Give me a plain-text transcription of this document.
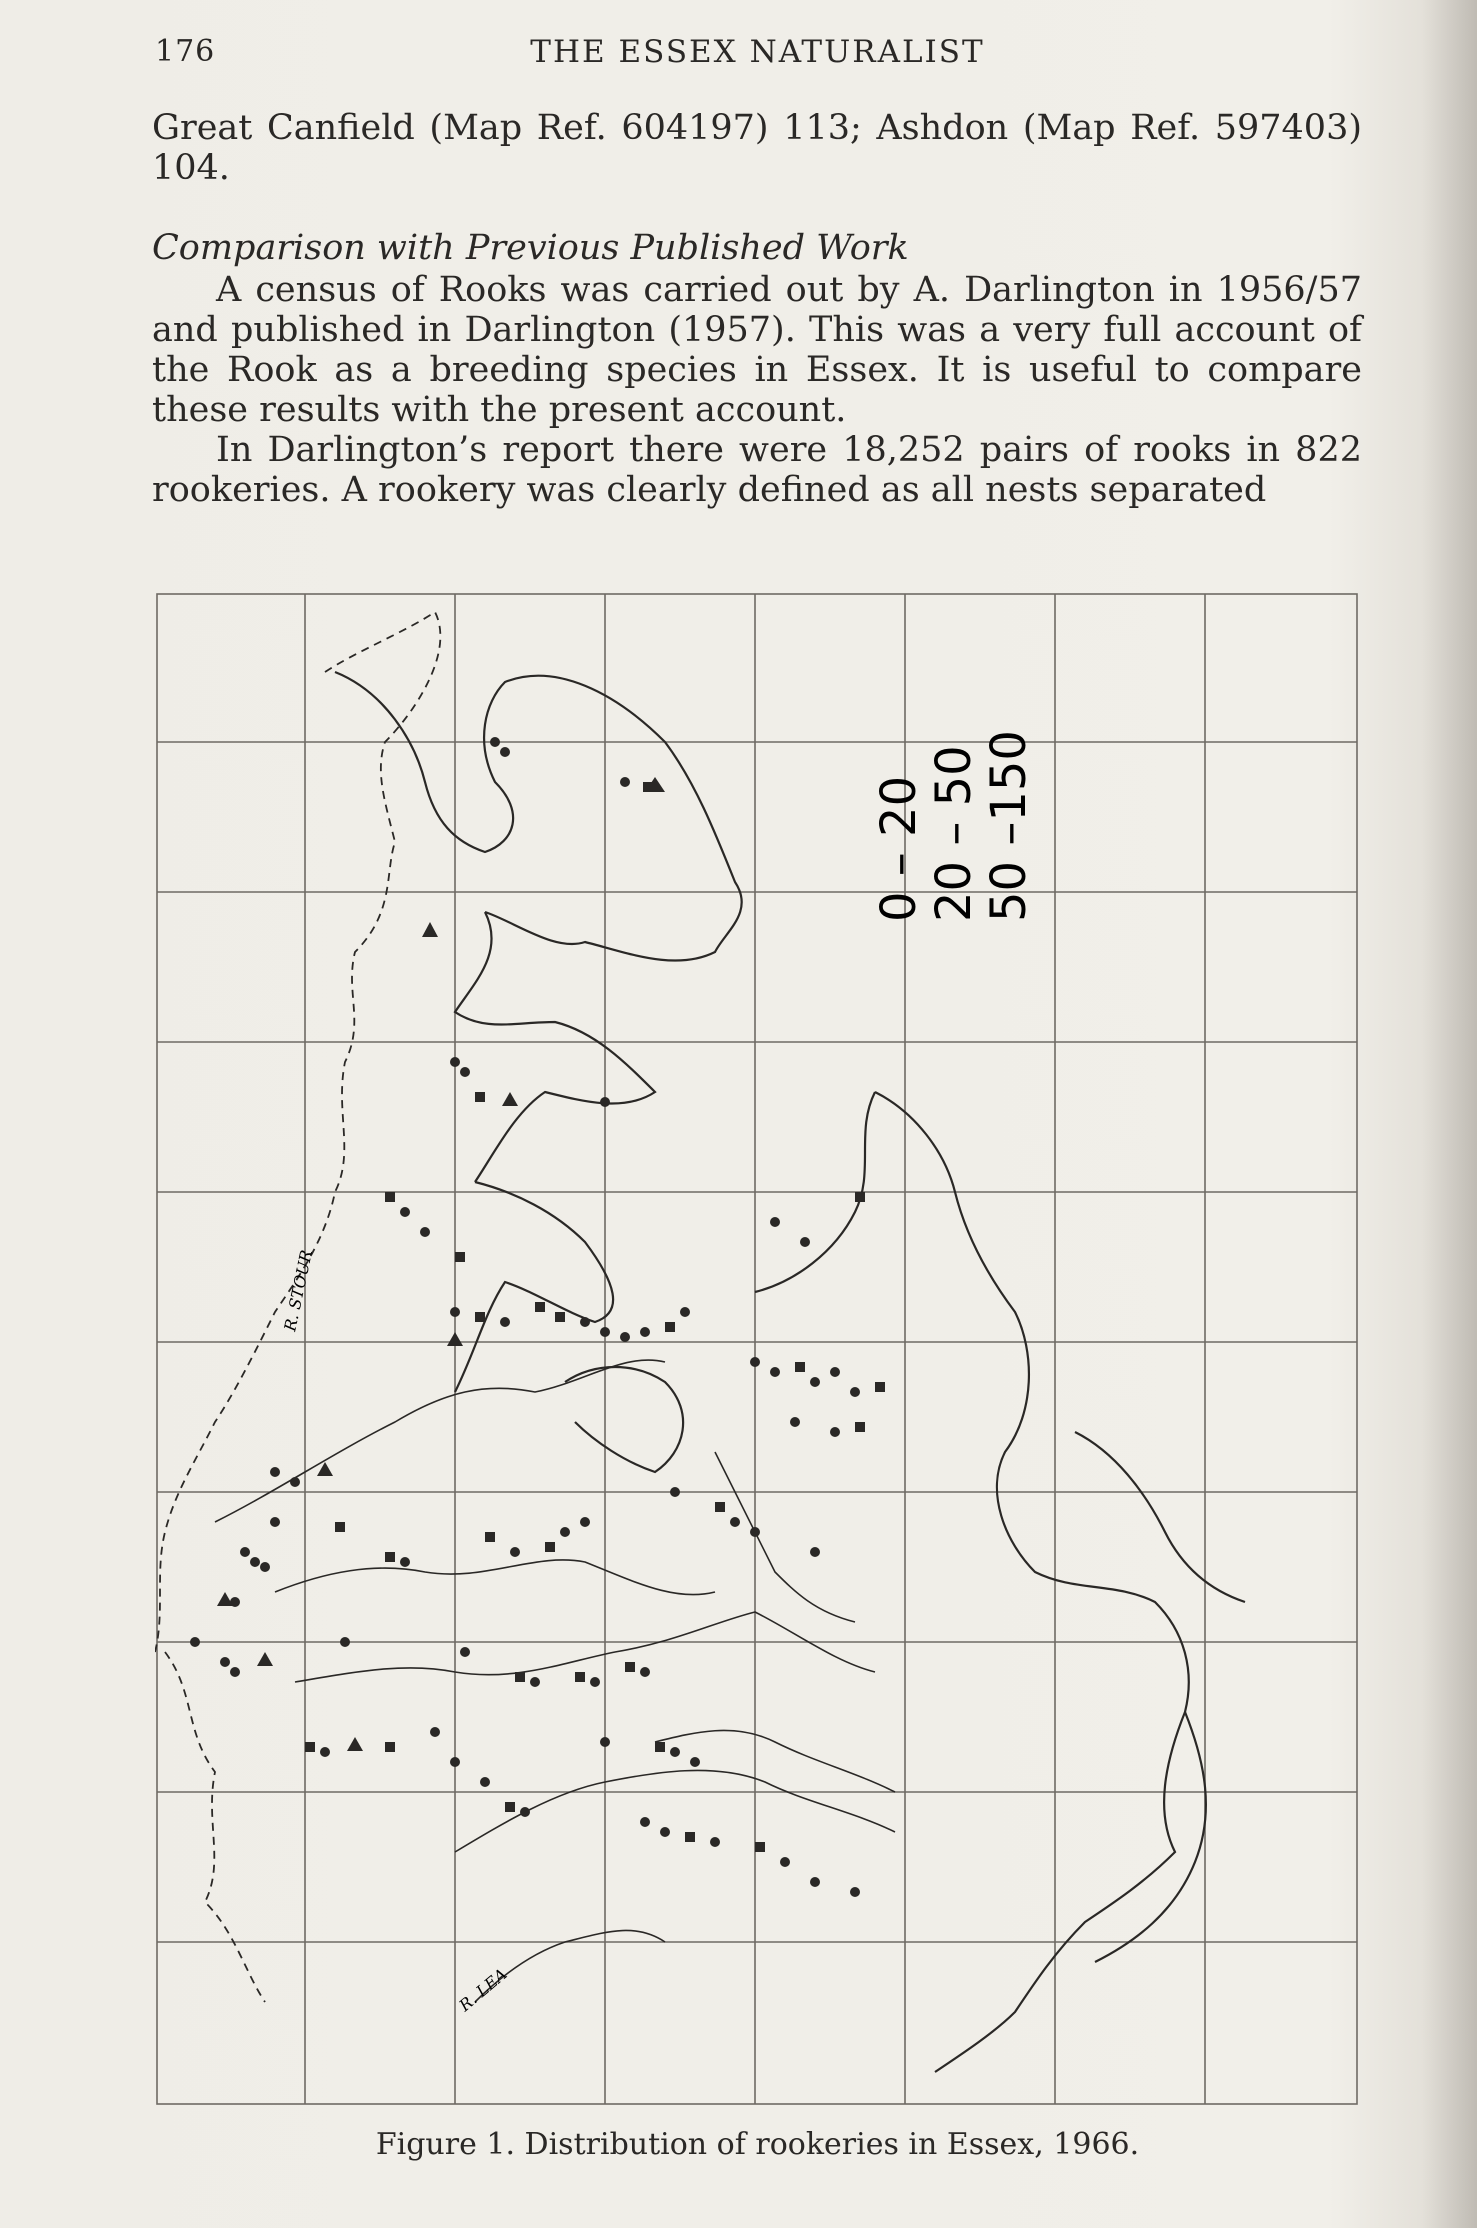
176	THE ESSEX NATURALIST

Great Canfield (Map Ref. 604197) 113; Ashdon (Map Ref. 597403) 104.

Comparison with Previous Published Work

A census of Rooks was carried out by A. Darlington in 1956/57 and published in Darlington (1957). This was a very full account of the Rook as a breeding species in Essex. It is useful to compare these results with the present account.

In Darlington’s report there were 18,252 pairs of rooks in 822 rookeries. A rookery was clearly defined as all nests separated

0 – 20 20 – 50 50 –150
R. STOUR
R. LEA
Figure 1. Distribution of rookeries in Essex, 1966.
